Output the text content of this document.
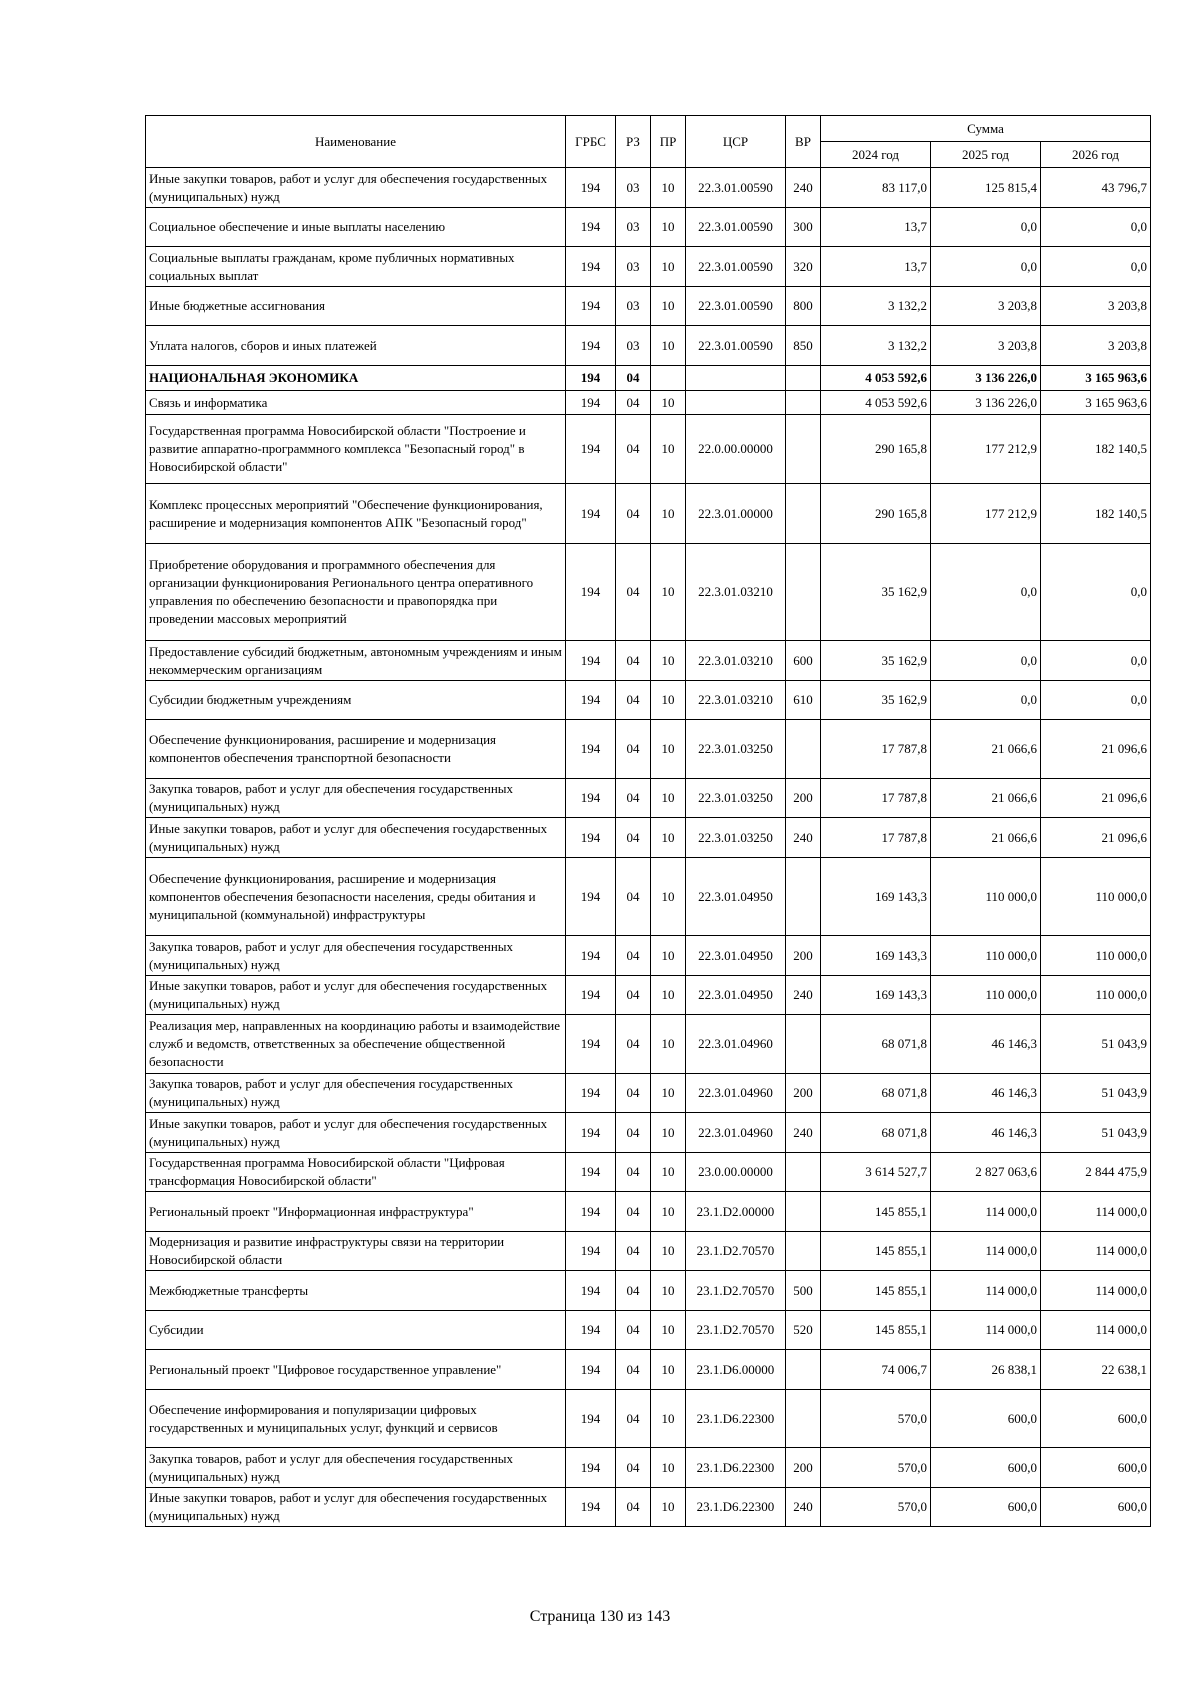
Наименование	ГРБС	РЗ	ПР	ЦСР	ВР	Сумма		
						2024 год	2025 год	2026 год
Иные закупки товаров, работ и услуг для обеспечения государственных (муниципальных) нужд	194	03	10	22.3.01.00590	240	83 117,0	125 815,4	43 796,7
Социальное обеспечение и иные выплаты населению	194	03	10	22.3.01.00590	300	13,7	0,0	0,0
Социальные выплаты гражданам, кроме публичных нормативных социальных выплат	194	03	10	22.3.01.00590	320	13,7	0,0	0,0
Иные бюджетные ассигнования	194	03	10	22.3.01.00590	800	3 132,2	3 203,8	3 203,8
Уплата налогов, сборов и иных платежей	194	03	10	22.3.01.00590	850	3 132,2	3 203,8	3 203,8
НАЦИОНАЛЬНАЯ ЭКОНОМИКА	194	04				4 053 592,6	3 136 226,0	3 165 963,6
Связь и информатика	194	04	10			4 053 592,6	3 136 226,0	3 165 963,6
Государственная программа Новосибирской области "Построение и развитие аппаратно-программного комплекса "Безопасный город" в Новосибирской области"	194	04	10	22.0.00.00000		290 165,8	177 212,9	182 140,5
Комплекс процессных мероприятий "Обеспечение функционирования, расширение и модернизация компонентов АПК "Безопасный город"	194	04	10	22.3.01.00000		290 165,8	177 212,9	182 140,5
Приобретение оборудования и программного обеспечения для организации функционирования Регионального центра оперативного управления по обеспечению безопасности и правопорядка при проведении массовых мероприятий	194	04	10	22.3.01.03210		35 162,9	0,0	0,0
Предоставление субсидий бюджетным, автономным учреждениям и иным некоммерческим организациям	194	04	10	22.3.01.03210	600	35 162,9	0,0	0,0
Субсидии бюджетным учреждениям	194	04	10	22.3.01.03210	610	35 162,9	0,0	0,0
Обеспечение функционирования, расширение и модернизация компонентов обеспечения транспортной безопасности	194	04	10	22.3.01.03250		17 787,8	21 066,6	21 096,6
Закупка товаров, работ и услуг для обеспечения государственных (муниципальных) нужд	194	04	10	22.3.01.03250	200	17 787,8	21 066,6	21 096,6
Иные закупки товаров, работ и услуг для обеспечения государственных (муниципальных) нужд	194	04	10	22.3.01.03250	240	17 787,8	21 066,6	21 096,6
Обеспечение функционирования, расширение и модернизация компонентов обеспечения безопасности населения, среды обитания и муниципальной (коммунальной) инфраструктуры	194	04	10	22.3.01.04950		169 143,3	110 000,0	110 000,0
Закупка товаров, работ и услуг для обеспечения государственных (муниципальных) нужд	194	04	10	22.3.01.04950	200	169 143,3	110 000,0	110 000,0
Иные закупки товаров, работ и услуг для обеспечения государственных (муниципальных) нужд	194	04	10	22.3.01.04950	240	169 143,3	110 000,0	110 000,0
Реализация мер, направленных на координацию работы и взаимодействие служб и ведомств, ответственных за обеспечение общественной безопасности	194	04	10	22.3.01.04960		68 071,8	46 146,3	51 043,9
Закупка товаров, работ и услуг для обеспечения государственных (муниципальных) нужд	194	04	10	22.3.01.04960	200	68 071,8	46 146,3	51 043,9
Иные закупки товаров, работ и услуг для обеспечения государственных (муниципальных) нужд	194	04	10	22.3.01.04960	240	68 071,8	46 146,3	51 043,9
Государственная программа Новосибирской области "Цифровая трансформация Новосибирской области"	194	04	10	23.0.00.00000		3 614 527,7	2 827 063,6	2 844 475,9
Региональный проект "Информационная инфраструктура"	194	04	10	23.1.D2.00000		145 855,1	114 000,0	114 000,0
Модернизация и развитие инфраструктуры связи на территории Новосибирской области	194	04	10	23.1.D2.70570		145 855,1	114 000,0	114 000,0
Межбюджетные трансферты	194	04	10	23.1.D2.70570	500	145 855,1	114 000,0	114 000,0
Субсидии	194	04	10	23.1.D2.70570	520	145 855,1	114 000,0	114 000,0
Региональный проект "Цифровое государственное управление"	194	04	10	23.1.D6.00000		74 006,7	26 838,1	22 638,1
Обеспечение информирования и популяризации цифровых государственных и муниципальных услуг, функций и сервисов	194	04	10	23.1.D6.22300		570,0	600,0	600,0
Закупка товаров, работ и услуг для обеспечения государственных (муниципальных) нужд	194	04	10	23.1.D6.22300	200	570,0	600,0	600,0
Иные закупки товаров, работ и услуг для обеспечения государственных (муниципальных) нужд	194	04	10	23.1.D6.22300	240	570,0	600,0	600,0
Страница 130 из 143
